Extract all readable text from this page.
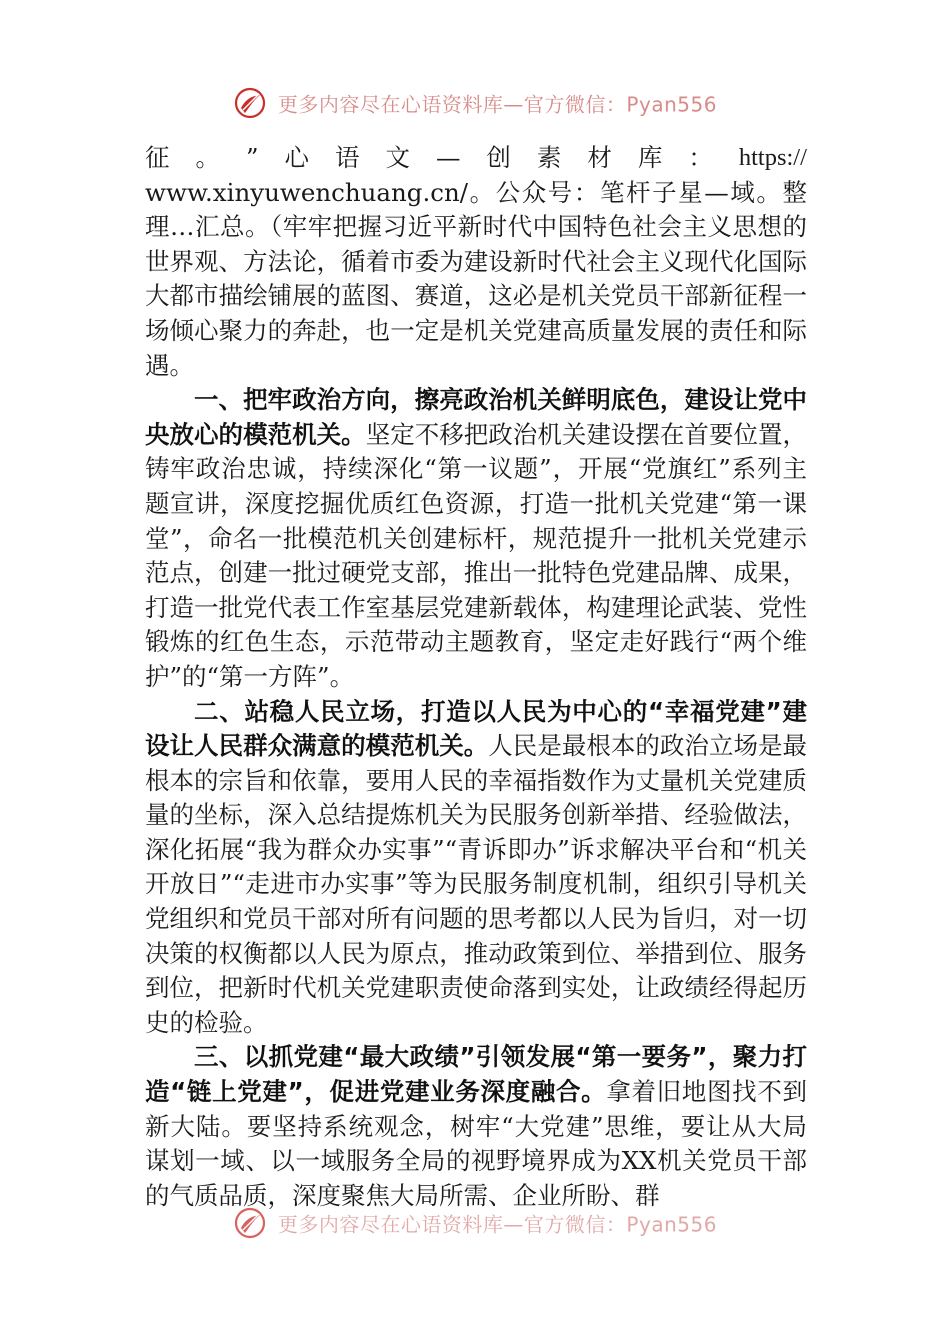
更多内容尽在心语资料库—官方微信：Pyan556

征 。 ” 心 语 文 — 创 素 材 库 ： https://
www.xinyuwenchuang.cn/。公众号：笔杆子星—域。整理…汇总。（牢牢把握习近平新时代中国特色社会主义思想的世界观、方法论，循着市委为建设新时代社会主义现代化国际大都市描绘铺展的蓝图、赛道，这必是机关党员干部新征程一场倾心聚力的奔赴，也一定是机关党建高质量发展的责任和际遇。

一、把牢政治方向，擦亮政治机关鲜明底色，建设让党中央放心的模范机关。坚定不移把政治机关建设摆在首要位置，铸牢政治忠诚，持续深化“第一议题”，开展“党旗红”系列主题宣讲，深度挖掘优质红色资源，打造一批机关党建“第一课堂”，命名一批模范机关创建标杆，规范提升一批机关党建示范点，创建一批过硬党支部，推出一批特色党建品牌、成果，打造一批党代表工作室基层党建新载体，构建理论武装、党性锻炼的红色生态，示范带动主题教育，坚定走好践行“两个维护”的“第一方阵”。

二、站稳人民立场，打造以人民为中心的“幸福党建”建设让人民群众满意的模范机关。人民是最根本的政治立场是最根本的宗旨和依靠，要用人民的幸福指数作为丈量机关党建质量的坐标，深入总结提炼机关为民服务创新举措、经验做法，深化拓展“我为群众办实事”“青诉即办”诉求解决平台和“机关开放日”“走进市办实事”等为民服务制度机制，组织引导机关党组织和党员干部对所有问题的思考都以人民为旨归，对一切决策的权衡都以人民为原点，推动政策到位、举措到位、服务到位，把新时代机关党建职责使命落到实处，让政绩经得起历史的检验。

三、以抓党建“最大政绩”引领发展“第一要务”，聚力打造“链上党建”，促进党建业务深度融合。拿着旧地图找不到新大陆。要坚持系统观念，树牢“大党建”思维，要让从大局谋划一域、以一域服务全局的视野境界成为XX机关党员干部的气质品质，深度聚焦大局所需、企业所盼、群

更多内容尽在心语资料库—官方微信：Pyan556
